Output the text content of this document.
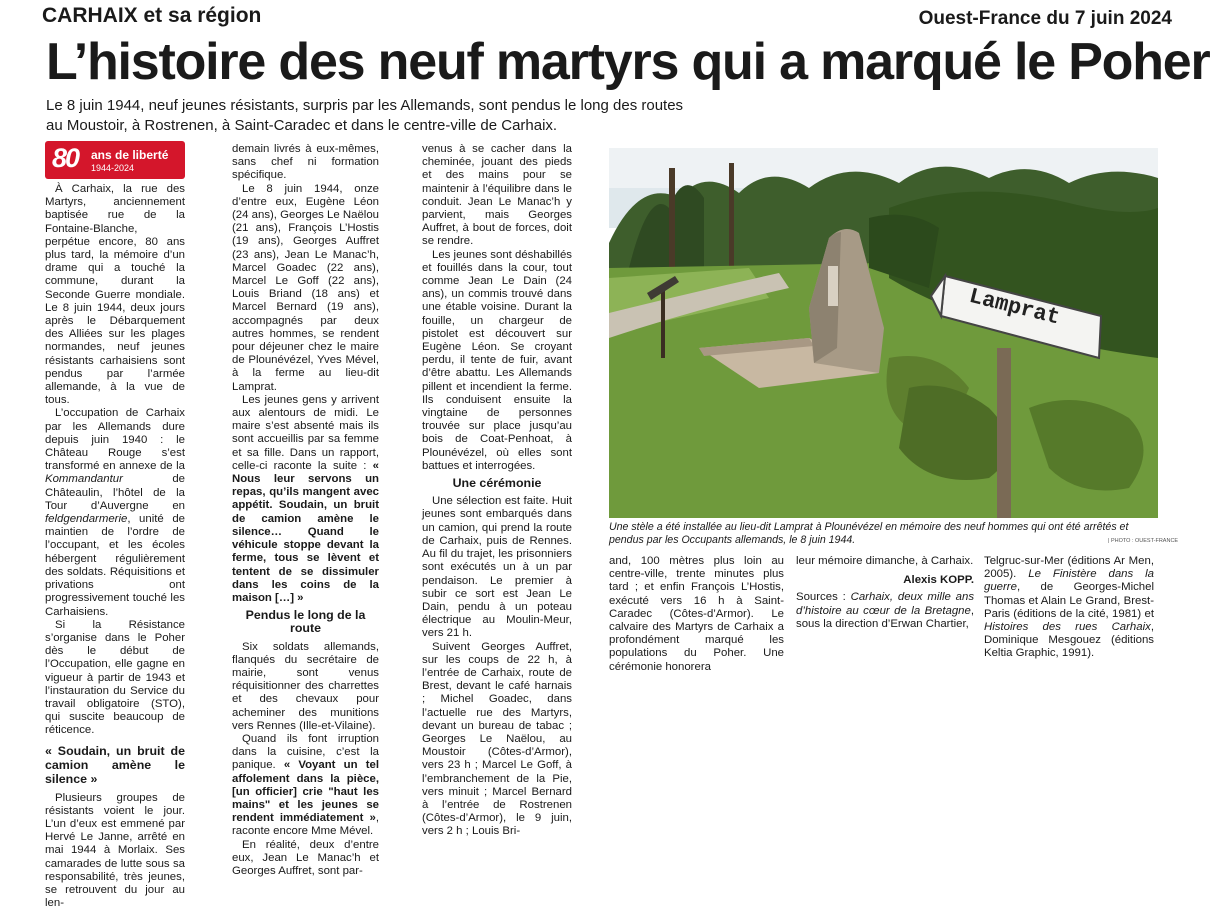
CARHAIX et sa région	Ouest-France du 7 juin 2024
L’histoire des neuf martyrs qui a marqué le Poher
Le 8 juin 1944, neuf jeunes résistants, surpris par les Allemands, sont pendus le long des routes
au Moustoir, à Rostrenen, à Saint-Caradec et dans le centre-ville de Carhaix.
80 ans de liberté
1944-2024

À Carhaix, la rue des Martyrs, anciennement baptisée rue de la Fontaine-Blanche, perpétue encore, 80 ans plus tard, la mémoire d’un drame qui a touché la commune, durant la Seconde Guerre mondiale. Le 8 juin 1944, deux jours après le Débarquement des Alliées sur les plages normandes, neuf jeunes résistants carhaisiens sont pendus par l’armée allemande, à la vue de tous.

L’occupation de Carhaix par les Allemands dure depuis juin 1940 : le Château Rouge s’est transformé en annexe de la Kommandantur de Châteaulin, l’hôtel de la Tour d’Auvergne en feldgendarmerie, unité de maintien de l’ordre de l’occupant, et les écoles hébergent régulièrement des soldats. Réquisitions et privations ont progressivement touché les Carhaisiens.

Si la Résistance s’organise dans le Poher dès le début de l’Occupation, elle gagne en vigueur à partir de 1943 et l’instauration du Service du travail obligatoire (STO), qui suscite beaucoup de réticence.

« Soudain, un bruit de camion amène le silence »

Plusieurs groupes de résistants voient le jour. L’un d’eux est emmené par Hervé Le Janne, arrêté en mai 1944 à Morlaix. Ses camarades de lutte sous sa responsabilité, très jeunes, se retrouvent du jour au len-

demain livrés à eux-mêmes, sans chef ni formation spécifique.

Le 8 juin 1944, onze d’entre eux, Eugène Léon (24 ans), Georges Le Naëlou (21 ans), François L’Hostis (19 ans), Georges Auffret (23 ans), Jean Le Manac’h, Marcel Goadec (22 ans), Marcel Le Goff (22 ans), Louis Briand (18 ans) et Marcel Bernard (19 ans), accompagnés par deux autres hommes, se rendent pour déjeuner chez le maire de Plounévézel, Yves Mével, à la ferme au lieu-dit Lamprat.

Les jeunes gens y arrivent aux alentours de midi. Le maire s’est absenté mais ils sont accueillis par sa femme et sa fille. Dans un rapport, celle-ci raconte la suite : « Nous leur servons un repas, qu’ils mangent avec appétit. Soudain, un bruit de camion amène le silence… Quand le véhicule stoppe devant la ferme, tous se lèvent et tentent de se dissimuler dans les coins de la maison […] »

Pendus le long de la route

Six soldats allemands, flanqués du secrétaire de mairie, sont venus réquisitionner des charrettes et des chevaux pour acheminer des munitions vers Rennes (Ille-et-Vilaine).

Quand ils font irruption dans la cuisine, c’est la panique. « Voyant un tel affolement dans la pièce, [un officier] crie "haut les mains" et les jeunes se rendent immédiatement », raconte encore Mme Mével.

En réalité, deux d’entre eux, Jean Le Manac’h et Georges Auffret, sont par-

venus à se cacher dans la cheminée, jouant des pieds et des mains pour se maintenir à l’équilibre dans le conduit. Jean Le Manac’h y parvient, mais Georges Auffret, à bout de forces, doit se rendre.

Les jeunes sont déshabillés et fouillés dans la cour, tout comme Jean Le Dain (24 ans), un commis trouvé dans une étable voisine. Durant la fouille, un chargeur de pistolet est découvert sur Eugène Léon. Se croyant perdu, il tente de fuir, avant d’être abattu. Les Allemands pillent et incendient la ferme. Ils conduisent ensuite la vingtaine de personnes trouvée sur place jusqu’au bois de Coat-Penhoat, à Plounévézel, où elles sont battues et interrogées.

Une cérémonie

Une sélection est faite. Huit jeunes sont embarqués dans un camion, qui prend la route de Carhaix, puis de Rennes. Au fil du trajet, les prisonniers sont exécutés un à un par pendaison. Le premier à subir ce sort est Jean Le Dain, pendu à un poteau électrique au Moulin-Meur, vers 21 h.

Suivent Georges Auffret, sur les coups de 22 h, à l’entrée de Carhaix, route de Brest, devant le café harnais ; Michel Goadec, dans l’actuelle rue des Martyrs, devant un bureau de tabac ; Georges Le Naëlou, au Moustoir (Côtes-d’Armor), vers 23 h ; Marcel Le Goff, à l’embranchement de la Pie, vers minuit ; Marcel Bernard à l’entrée de Rostrenen (Côtes-d’Armor), le 9 juin, vers 2 h ; Louis Bri-

Lamprat
| PHOTO : OUEST-FRANCE
Une stèle a été installée au lieu-dit Lamprat à Plounévézel en mémoire des neuf hommes qui ont été arrêtés et pendus par les Occupants allemands, le 8 juin 1944.

and, 100 mètres plus loin au centre-ville, trente minutes plus tard ; et enfin François L’Hostis, exécuté vers 16 h à Saint-Caradec (Côtes-d’Armor). Le calvaire des Martyrs de Carhaix a profondément marqué les populations du Poher. Une cérémonie honorera

leur mémoire dimanche, à Carhaix.

Alexis KOPP.

Sources : Carhaix, deux mille ans d’histoire au cœur de la Bretagne, sous la direction d’Erwan Chartier,

Telgruc-sur-Mer (éditions Ar Men, 2005). Le Finistère dans la guerre, de Georges-Michel Thomas et Alain Le Grand, Brest-Paris (éditions de la cité, 1981) et Histoires des rues Carhaix, Dominique Mesgouez (éditions Keltia Graphic, 1991).
